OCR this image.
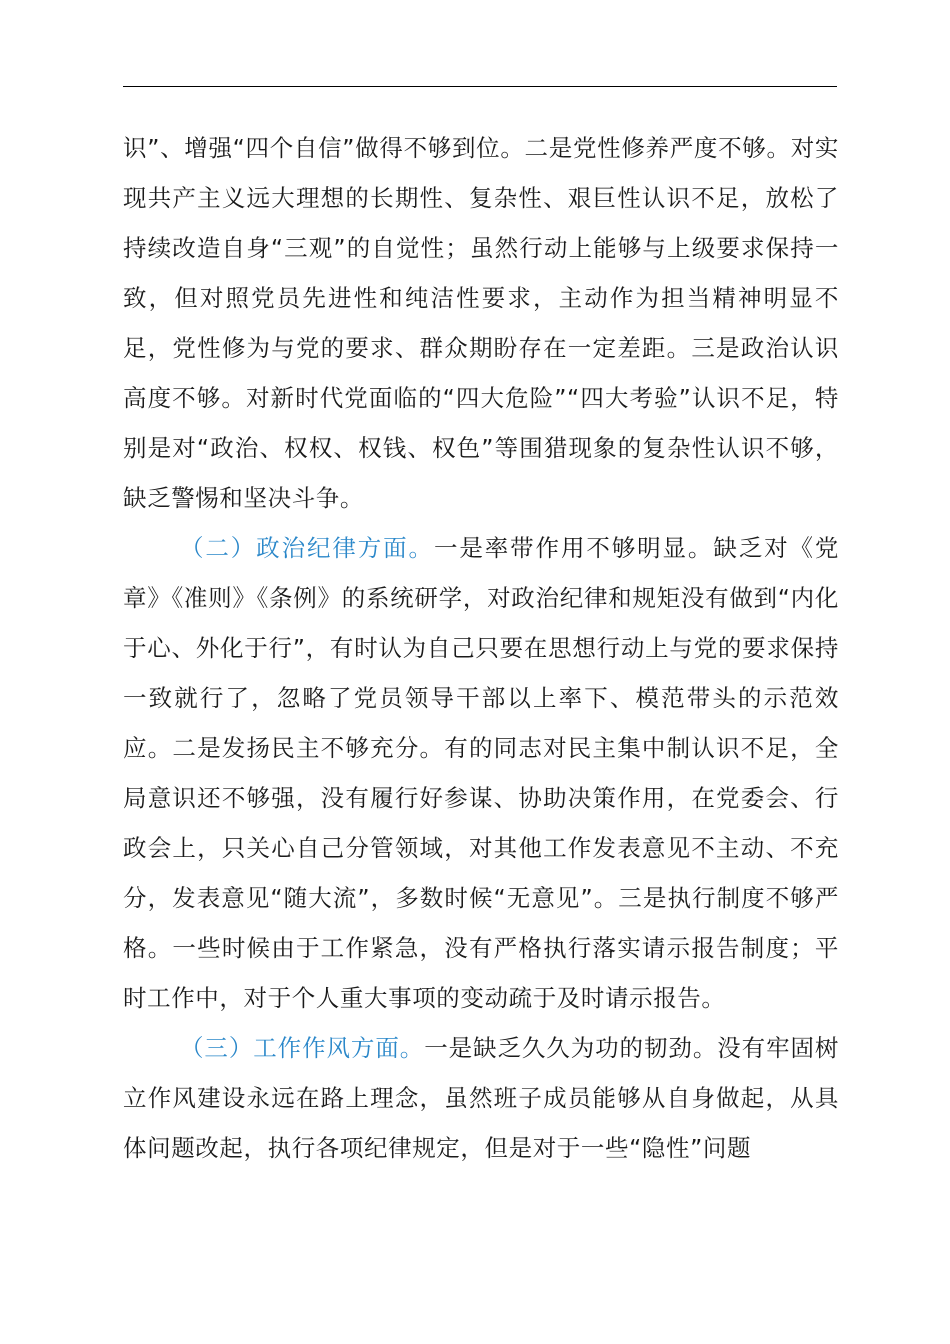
识”、增强“四个自信”做得不够到位。二是党性修养严度不够。对实现共产主义远大理想的长期性、复杂性、艰巨性认识不足，放松了持续改造自身“三观”的自觉性；虽然行动上能够与上级要求保持一致，但对照党员先进性和纯洁性要求，主动作为担当精神明显不足，党性修为与党的要求、群众期盼存在一定差距。三是政治认识高度不够。对新时代党面临的“四大危险”“四大考验”认识不足，特别是对“政治、权权、权钱、权色”等围猎现象的复杂性认识不够，缺乏警惕和坚决斗争。

（二）政治纪律方面。一是率带作用不够明显。缺乏对《党章》《准则》《条例》的系统研学，对政治纪律和规矩没有做到“内化于心、外化于行”，有时认为自己只要在思想行动上与党的要求保持一致就行了，忽略了党员领导干部以上率下、模范带头的示范效应。二是发扬民主不够充分。有的同志对民主集中制认识不足，全局意识还不够强，没有履行好参谋、协助决策作用，在党委会、行政会上，只关心自己分管领域，对其他工作发表意见不主动、不充分，发表意见“随大流”，多数时候“无意见”。三是执行制度不够严格。一些时候由于工作紧急，没有严格执行落实请示报告制度；平时工作中，对于个人重大事项的变动疏于及时请示报告。

（三）工作作风方面。一是缺乏久久为功的韧劲。没有牢固树立作风建设永远在路上理念，虽然班子成员能够从自身做起，从具体问题改起，执行各项纪律规定，但是对于一些“隐性”问题
